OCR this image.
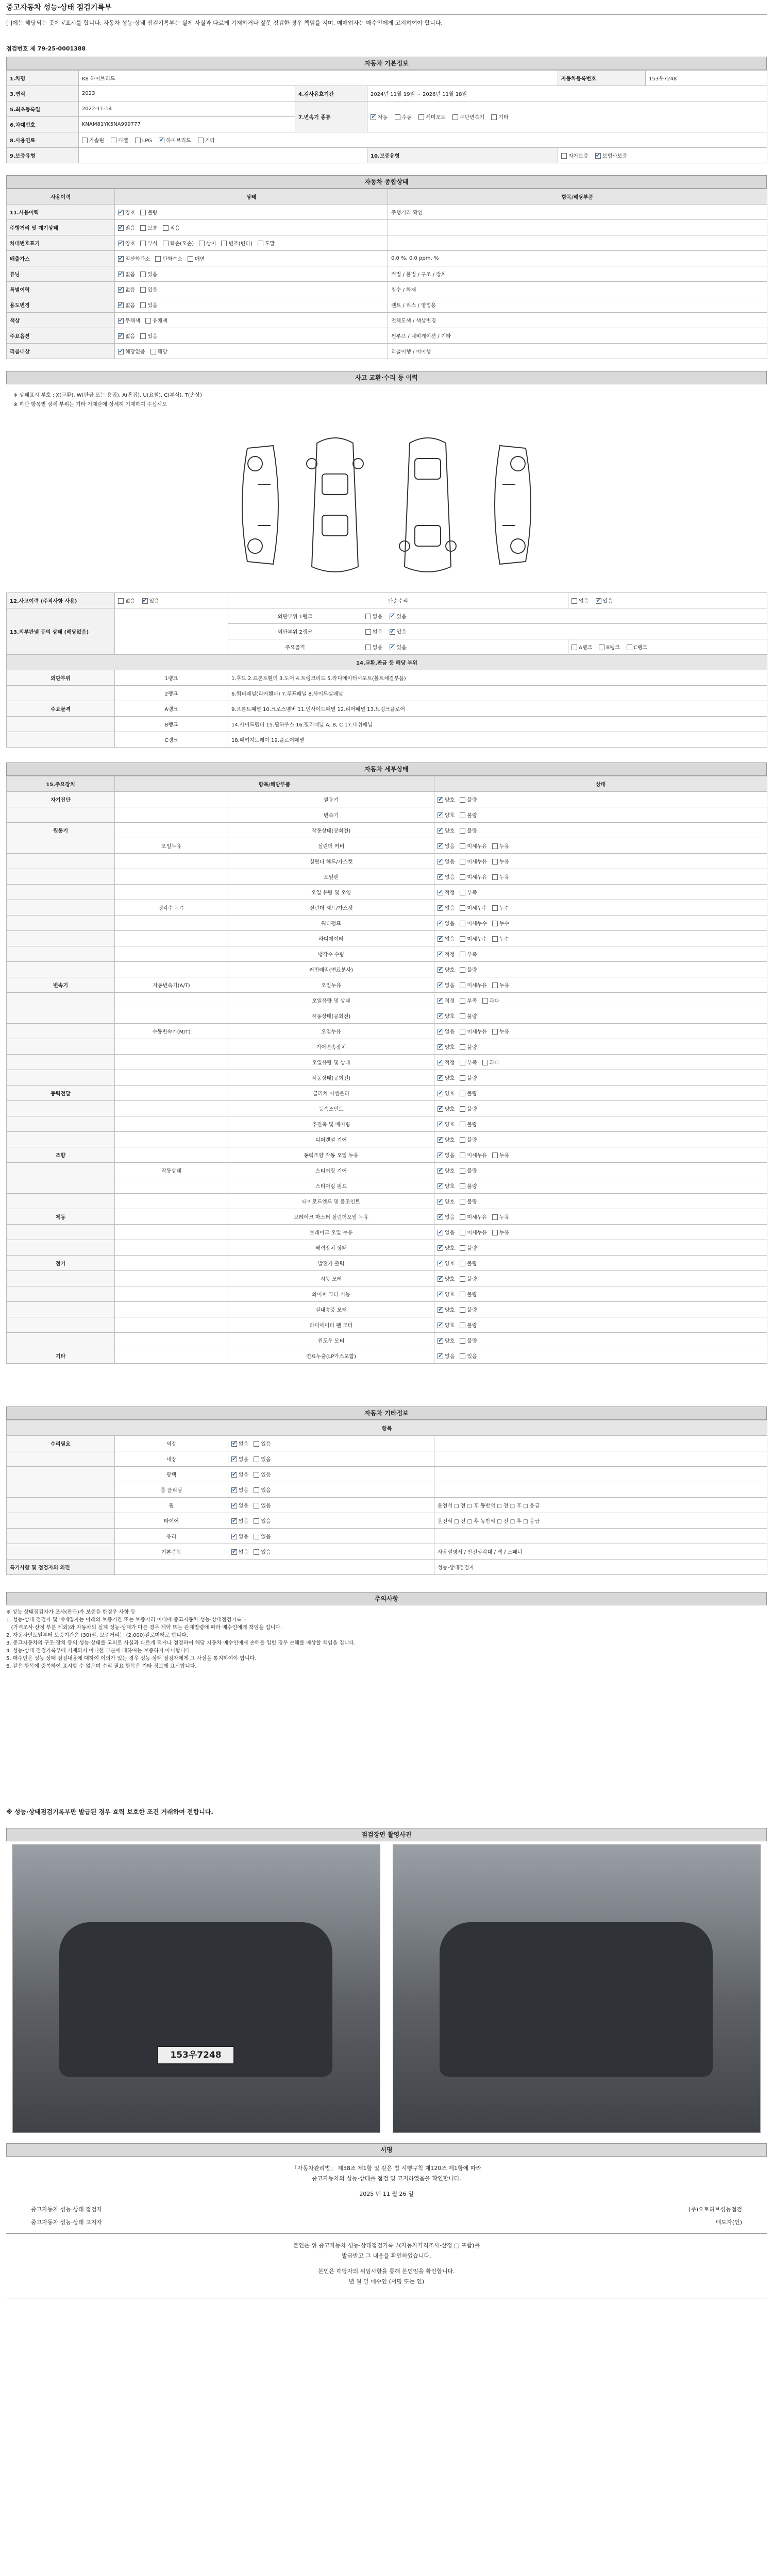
중고자동차 성능·상태 점검기록부
[ ]에는 해당되는 곳에 √표시를 합니다. 자동차 성능·상태 점검기록부는 실제 사실과 다르게 기재하거나 잘못 점검한 경우 책임을 지며, 매매업자는 매수인에게 고지하여야 합니다.
점검번호 제 79-25-0001388
자동차 기본정보
1.차명	K8 하이브리드			자동차등록번호	153우7248
3.연식	2023	4.검사유효기간	2024년 11월 19일 ~ 2026년 11월 18일		
5.최초등록일	2022-11-14	7.변속기 종류	✔자동 수동 세미오토 무단변속기 기타
6.차대번호	KNAM81YK5NA999777				
8.사용연료	가솔린 디젤 LPG ✔ 하이브리드 기타
9.보증유형			10.보증유형	자가보증 ✔ 보험사보증
자동차 종합상태
사용이력	상태	항목/해당부품
11.사용이력	✔양호 불량	주행거리 확인
주행거리 및 계기상태	✔많음 보통 적음	
차대번호표기	✔양호 부식 훼손(오손) 상이 변조(변타) 도말	
배출가스	✔일산화탄소 탄화수소 매연	0.0 %, 0.0 ppm, %
튜닝	✔없음 있음	적법 / 불법 / 구조 / 장치
특별이력	✔없음 있음	침수 / 화재
용도변경	✔없음 있음	렌트 / 리스 / 영업용
색상	✔무채색 유채색	전체도색 / 색상변경
주요옵션	✔없음 있음	썬루프 / 네비게이션 / 기타
리콜대상	✔해당없음 해당	리콜이행 / 미이행
사고 교환·수리 등 이력
※ 상태표시 부호 : X(교환), W(판금 또는 용접), A(흠집), U(요철), C(부식), T(손상)
※ 하단 항목별 상세 부위는 기타 기재란에 상세히 기재하여 주십시오
12.사고이력 (주작사항 사용)	없음 ✔ 있음	단순수리		없음 ✔ 있음
13.외부판넬 등의 상태 (해당없음)		외판부위 1랭크	없음 ✔ 있음
		외판부위 2랭크	없음 ✔ 있음
		주요골격	없음 ✔ 있음	A랭크 B랭크 C랭크
14.교환,판금 등 해당 부위				
외판부위	1랭크	1.후드 2.프론트휀더 3.도어 4.트렁크리드 5.라디에이터서포트(볼트체결부품)		
	2랭크	6.쿼터패널(리어휀더) 7.루프패널 8.사이드실패널		
주요골격	A랭크	9.프론트패널 10.크로스멤버 11.인사이드패널 12.리어패널 13.트렁크플로어		
	B랭크	14.사이드멤버 15.휠하우스 16.필러패널 A, B, C 17.대쉬패널		
	C랭크	18.패키지트레이 19.플로어패널		
자동차 세부상태
15.주요장치	항목/해당부품		상태
자기진단		원동기	✔양호 불량
		변속기	✔양호 불량
원동기		작동상태(공회전)	✔양호 불량
	오일누유	실린더 커버	✔없음 미세누유 누유
		실린더 헤드/가스켓	✔없음 미세누유 누유
		오일팬	✔없음 미세누유 누유
		오일 유량 및 오염	✔적정 부족
	냉각수 누수	실린더 헤드/가스켓	✔없음 미세누수 누수
		워터펌프	✔없음 미세누수 누수
		라디에이터	✔없음 미세누수 누수
		냉각수 수량	✔적정 부족
		커먼레일(연료분사)	✔양호 불량
변속기	자동변속기(A/T)	오일누유	✔없음 미세누유 누유
		오일유량 및 상태	✔적정 부족 과다
		작동상태(공회전)	✔양호 불량
	수동변속기(M/T)	오일누유	✔없음 미세누유 누유
		기어변속장치	✔양호 불량
		오일유량 및 상태	✔적정 부족 과다
		작동상태(공회전)	✔양호 불량
동력전달		클러치 어셈블리	✔양호 불량
		등속조인트	✔양호 불량
		추진축 및 베어링	✔양호 불량
		디퍼렌셜 기어	✔양호 불량
조향		동력조향 작동 오일 누유	✔없음 미세누유 누유
	작동상태	스티어링 기어	✔양호 불량
		스티어링 펌프	✔양호 불량
		타이로드엔드 및 볼조인트	✔양호 불량
제동		브레이크 마스터 실린더오일 누유	✔없음 미세누유 누유
		브레이크 오일 누유	✔없음 미세누유 누유
		배력장치 상태	✔양호 불량
전기		발전기 출력	✔양호 불량
		시동 모터	✔양호 불량
		와이퍼 모터 기능	✔양호 불량
		실내송풍 모터	✔양호 불량
		라디에이터 팬 모터	✔양호 불량
		윈도우 모터	✔양호 불량
기타		연료누출(LP가스포함)	✔없음 있음
자동차 기타정보
항목			
수리필요	외장	✔없음 있음	
	내장	✔없음 있음	
	광택	✔없음 있음	
	룸 클리닝	✔없음 있음	
	휠	✔없음 있음	운전석 □ 전 □ 후 동반석 □ 전 □ 후 □ 응급
	타이어	✔없음 있음	운전석 □ 전 □ 후 동반석 □ 전 □ 후 □ 응급
	유리	✔없음 있음	
	기본품목	✔없음 있음	사용설명서 / 안전삼각대 / 잭 / 스패너
특기사항 및 점검자의 의견			성능·상태점검자
주의사항
※ 성능·상태점검자가 조사(판단)가 보증을 한경우 사항 등
1. 성능·상태 점검자 및 매매업자는 아래의 보증기간 또는 보증거리 이내에 중고자동차 성능·상태점검기록부
(가격조사·산정 부분 제외)와 자동차의 실제 성능·상태가 다른 경우 계약 또는 관계법령에 따라 매수인에게 책임을 집니다.
2. 자동차인도일부터 보증기간은 (30)일, 보증거리는 (2,000)킬로미터로 합니다.
3. 중고자동차의 구조·장치 등의 성능·상태를 고의로 사실과 다르게 적거나 점검하여 해당 자동차 매수인에게 손해를 입힌 경우 손해를 배상할 책임을 집니다.
4. 성능·상태 점검기록부에 기재되지 아니한 부분에 대하여는 보증하지 아니합니다.
5. 매수인은 성능·상태 점검내용에 대하여 이의가 있는 경우 성능·상태 점검자에게 그 사실을 통지하여야 합니다.
6. 같은 항목에 중복하여 표시할 수 없으며 수리 필요 항목은 기타 정보에 표시합니다.
※ 성능·상태점검기록부만 발급된 경우 효력 보호한 조건 거래하여 전합니다.
점검장면 촬영사진
153우7248
서명
「자동차관리법」 제58조 제1항 및 같은 법 시행규칙 제120조 제1항에 따라
중고자동차의 성능·상태를 점검 및 고지하였음을 확인합니다.
2025 년 11 월 26 일
중고자동차 성능·상태 점검자	(주)오토허브성능점검
중고자동차 성능·상태 고지자	매도자(인)
본인은 위 중고자동차 성능·상태점검기록부(자동차가격조사·산정 □ 포함)를
발급받고 그 내용을 확인하였습니다.
본인은 해당자의 위임사항을 통해 본인임을 확인합니다.
년 월 일 매수인 (서명 또는 인)
